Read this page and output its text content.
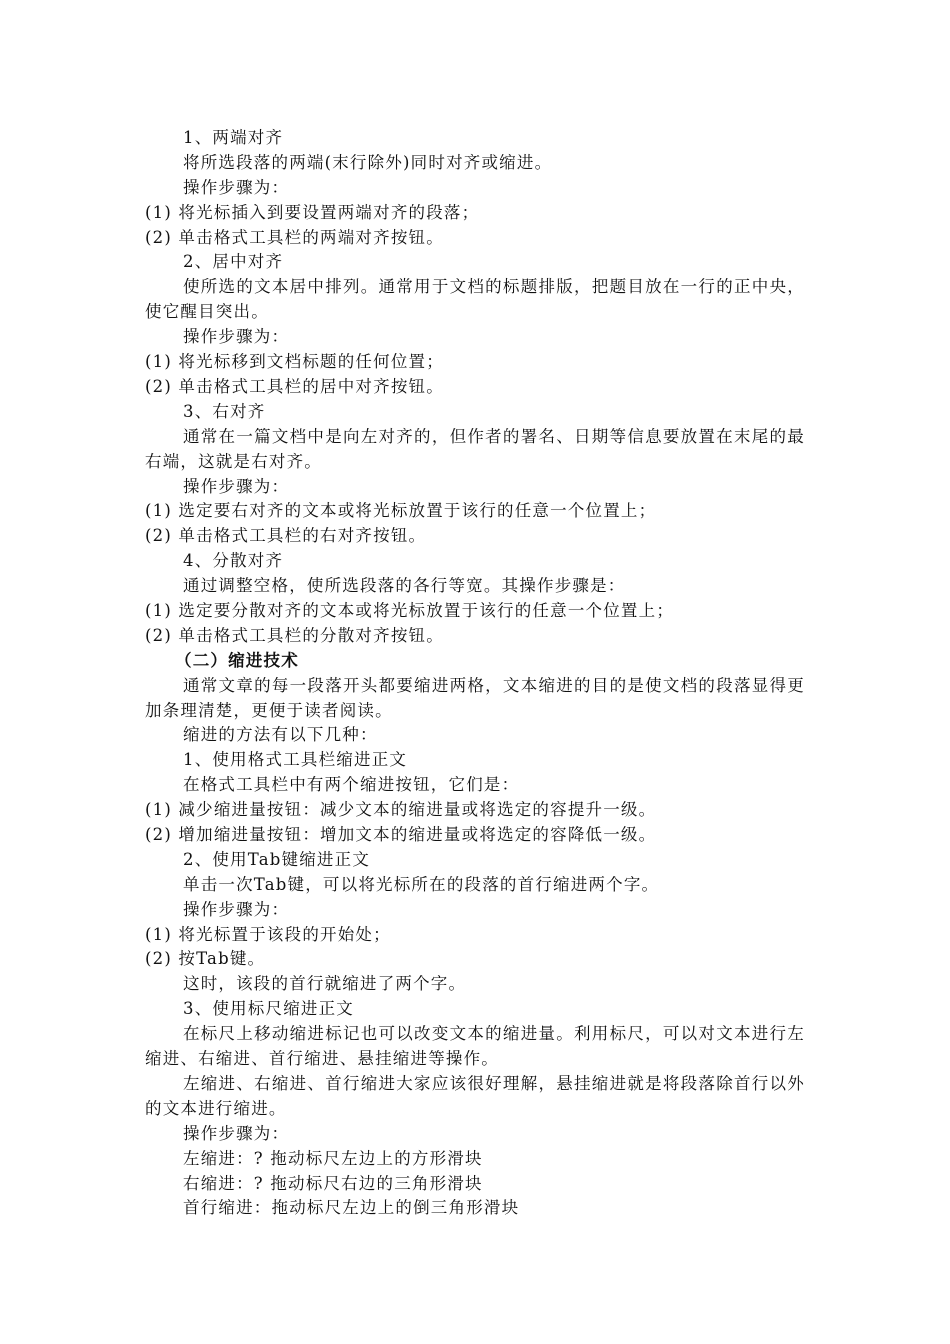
1、两端对齐
将所选段落的两端(末行除外)同时对齐或缩进。
操作步骤为：
(1) 将光标插入到要设置两端对齐的段落；
(2) 单击格式工具栏的两端对齐按钮。
2、居中对齐
使所选的文本居中排列。通常用于文档的标题排版，把题目放在一行的正中央，使它醒目突出。
操作步骤为：
(1) 将光标移到文档标题的任何位置；
(2) 单击格式工具栏的居中对齐按钮。
3、右对齐
通常在一篇文档中是向左对齐的，但作者的署名、日期等信息要放置在末尾的最右端，这就是右对齐。
操作步骤为：
(1) 选定要右对齐的文本或将光标放置于该行的任意一个位置上；
(2) 单击格式工具栏的右对齐按钮。
4、分散对齐
通过调整空格，使所选段落的各行等宽。其操作步骤是：
(1) 选定要分散对齐的文本或将光标放置于该行的任意一个位置上；
(2) 单击格式工具栏的分散对齐按钮。
（二）缩进技术
通常文章的每一段落开头都要缩进两格，文本缩进的目的是使文档的段落显得更加条理清楚，更便于读者阅读。
缩进的方法有以下几种：
1、使用格式工具栏缩进正文
在格式工具栏中有两个缩进按钮，它们是：
(1) 减少缩进量按钮：减少文本的缩进量或将选定的容提升一级。
(2) 增加缩进量按钮：增加文本的缩进量或将选定的容降低一级。
2、使用Tab键缩进正文
单击一次Tab键，可以将光标所在的段落的首行缩进两个字。
操作步骤为：
(1) 将光标置于该段的开始处；
(2) 按Tab键。
这时，该段的首行就缩进了两个字。
3、使用标尺缩进正文
在标尺上移动缩进标记也可以改变文本的缩进量。利用标尺，可以对文本进行左缩进、右缩进、首行缩进、悬挂缩进等操作。
左缩进、右缩进、首行缩进大家应该很好理解，悬挂缩进就是将段落除首行以外的文本进行缩进。
操作步骤为：
左缩进：? 拖动标尺左边上的方形滑块
右缩进：? 拖动标尺右边的三角形滑块
首行缩进：拖动标尺左边上的倒三角形滑块
